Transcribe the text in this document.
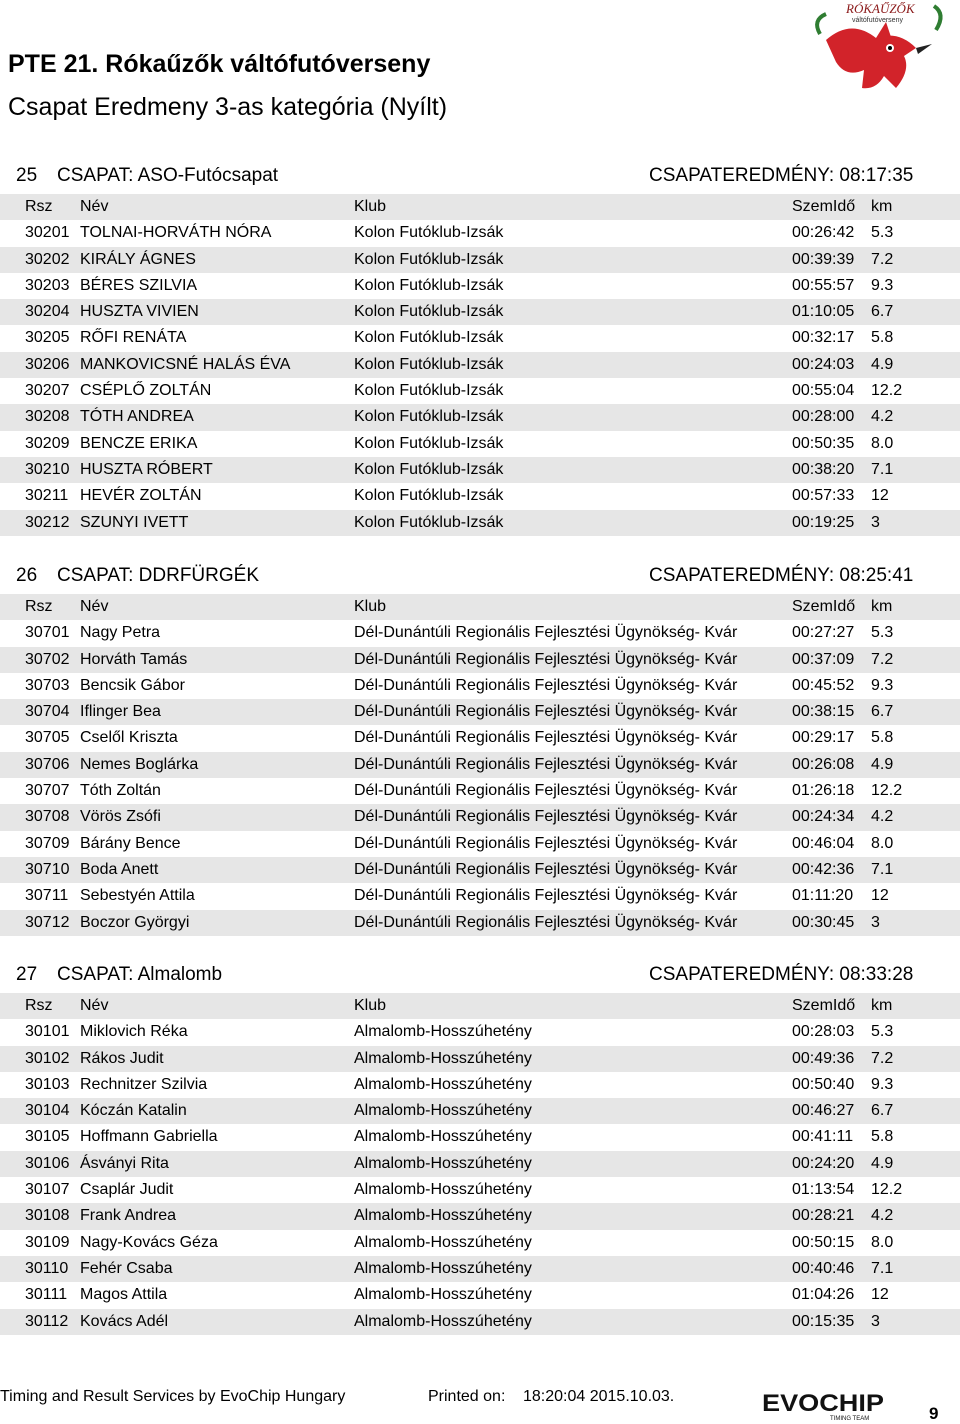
PTE 21. Rókaűzők váltófutóverseny
Csapat Eredmeny 3-as kategória (Nyílt)
RÓKAŰZŐK
váltófutóverseny
25 CSAPAT: ASO-Futócsapat	CSAPATEREDMÉNY: 08:17:35
Rsz Név	Klub	SzemIdő km
30201 TOLNAI-HORVÁTH NÓRA	Kolon Futóklub-Izsák	00:26:42 5.3
30202 KIRÁLY ÁGNES	Kolon Futóklub-Izsák	00:39:39 7.2
30203 BÉRES SZILVIA	Kolon Futóklub-Izsák	00:55:57 9.3
30204 HUSZTA VIVIEN	Kolon Futóklub-Izsák	01:10:05 6.7
30205 RŐFI RENÁTA	Kolon Futóklub-Izsák	00:32:17 5.8
30206 MANKOVICSNÉ HALÁS ÉVA	Kolon Futóklub-Izsák	00:24:03 4.9
30207 CSÉPLŐ ZOLTÁN	Kolon Futóklub-Izsák	00:55:04 12.2
30208 TÓTH ANDREA	Kolon Futóklub-Izsák	00:28:00 4.2
30209 BENCZE ERIKA	Kolon Futóklub-Izsák	00:50:35 8.0
30210 HUSZTA RÓBERT	Kolon Futóklub-Izsák	00:38:20 7.1
30211 HEVÉR ZOLTÁN	Kolon Futóklub-Izsák	00:57:33 12
30212 SZUNYI IVETT	Kolon Futóklub-Izsák	00:19:25 3
26 CSAPAT: DDRFÜRGÉK	CSAPATEREDMÉNY: 08:25:41
Rsz Név	Klub	SzemIdő km
30701 Nagy Petra	Dél-Dunántúli Regionális Fejlesztési Ügynökség- Kvár	00:27:27 5.3
30702 Horváth Tamás	Dél-Dunántúli Regionális Fejlesztési Ügynökség- Kvár	00:37:09 7.2
30703 Bencsik Gábor	Dél-Dunántúli Regionális Fejlesztési Ügynökség- Kvár	00:45:52 9.3
30704 Iflinger Bea	Dél-Dunántúli Regionális Fejlesztési Ügynökség- Kvár	00:38:15 6.7
30705 Cselől Kriszta	Dél-Dunántúli Regionális Fejlesztési Ügynökség- Kvár	00:29:17 5.8
30706 Nemes Boglárka	Dél-Dunántúli Regionális Fejlesztési Ügynökség- Kvár	00:26:08 4.9
30707 Tóth Zoltán	Dél-Dunántúli Regionális Fejlesztési Ügynökség- Kvár	01:26:18 12.2
30708 Vörös Zsófi	Dél-Dunántúli Regionális Fejlesztési Ügynökség- Kvár	00:24:34 4.2
30709 Bárány Bence	Dél-Dunántúli Regionális Fejlesztési Ügynökség- Kvár	00:46:04 8.0
30710 Boda Anett	Dél-Dunántúli Regionális Fejlesztési Ügynökség- Kvár	00:42:36 7.1
30711 Sebestyén Attila	Dél-Dunántúli Regionális Fejlesztési Ügynökség- Kvár	01:11:20 12
30712 Boczor Györgyi	Dél-Dunántúli Regionális Fejlesztési Ügynökség- Kvár	00:30:45 3
27 CSAPAT: Almalomb	CSAPATEREDMÉNY: 08:33:28
Rsz Név	Klub	SzemIdő km
30101 Miklovich Réka	Almalomb-Hosszúhetény	00:28:03 5.3
30102 Rákos Judit	Almalomb-Hosszúhetény	00:49:36 7.2
30103 Rechnitzer Szilvia	Almalomb-Hosszúhetény	00:50:40 9.3
30104 Kóczán Katalin	Almalomb-Hosszúhetény	00:46:27 6.7
30105 Hoffmann Gabriella	Almalomb-Hosszúhetény	00:41:11 5.8
30106 Ásványi Rita	Almalomb-Hosszúhetény	00:24:20 4.9
30107 Csaplár Judit	Almalomb-Hosszúhetény	01:13:54 12.2
30108 Frank Andrea	Almalomb-Hosszúhetény	00:28:21 4.2
30109 Nagy-Kovács Géza	Almalomb-Hosszúhetény	00:50:15 8.0
30110 Fehér Csaba	Almalomb-Hosszúhetény	00:40:46 7.1
30111 Magos Attila	Almalomb-Hosszúhetény	01:04:26 12
30112 Kovács Adél	Almalomb-Hosszúhetény	00:15:35 3
Timing and Result Services by EvoChip Hungary	Printed on: 18:20:04 2015.10.03.	EVOCHIP
TIMING TEAM	9
